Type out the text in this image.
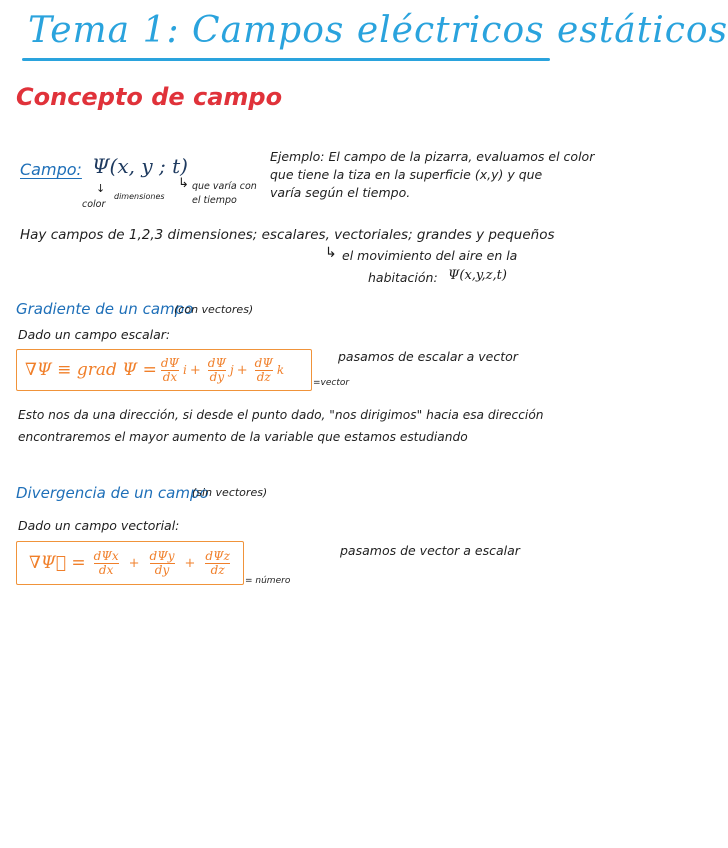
Tema 1: Campos eléctricos estáticos
Concepto de campo
Campo: Ψ(x, y ; t)
↓
color
dimensiones
↳ que varía con el tiempo
Ejemplo: El campo de la pizarra, evaluamos el color
que tiene la tiza en la superficie (x,y) y que
varía según el tiempo.
Hay campos de 1,2,3 dimensiones; escalares, vectoriales; grandes y pequeños
↳ el movimiento del aire en la
habitación: Ψ(x,y,z,t)
Gradiente de un campo
(con vectores)
Dado un campo escalar:
∇Ψ ≡ grad $\Psi = \frac{d\Psi}{dx}$ $i + \frac{d\Psi}{dy}$ $j + \frac{d\Psi}{dz}$ k
=vector
pasamos de escalar a vector
Esto nos da una dirección, si desde el punto dado, "nos dirigimos" hacia esa dirección
encontraremos el mayor aumento de la variable que estamos estudiando
Divergencia de un campo
(sin vectores)
Dado un campo vectorial:
∇Ψ⃗ = $\frac{\text{dΨx}}{dx} + \frac{\text{dΨy}}{dy} + \frac{\text{dΨz}}{dz}$
= número
pasamos de vector a escalar
